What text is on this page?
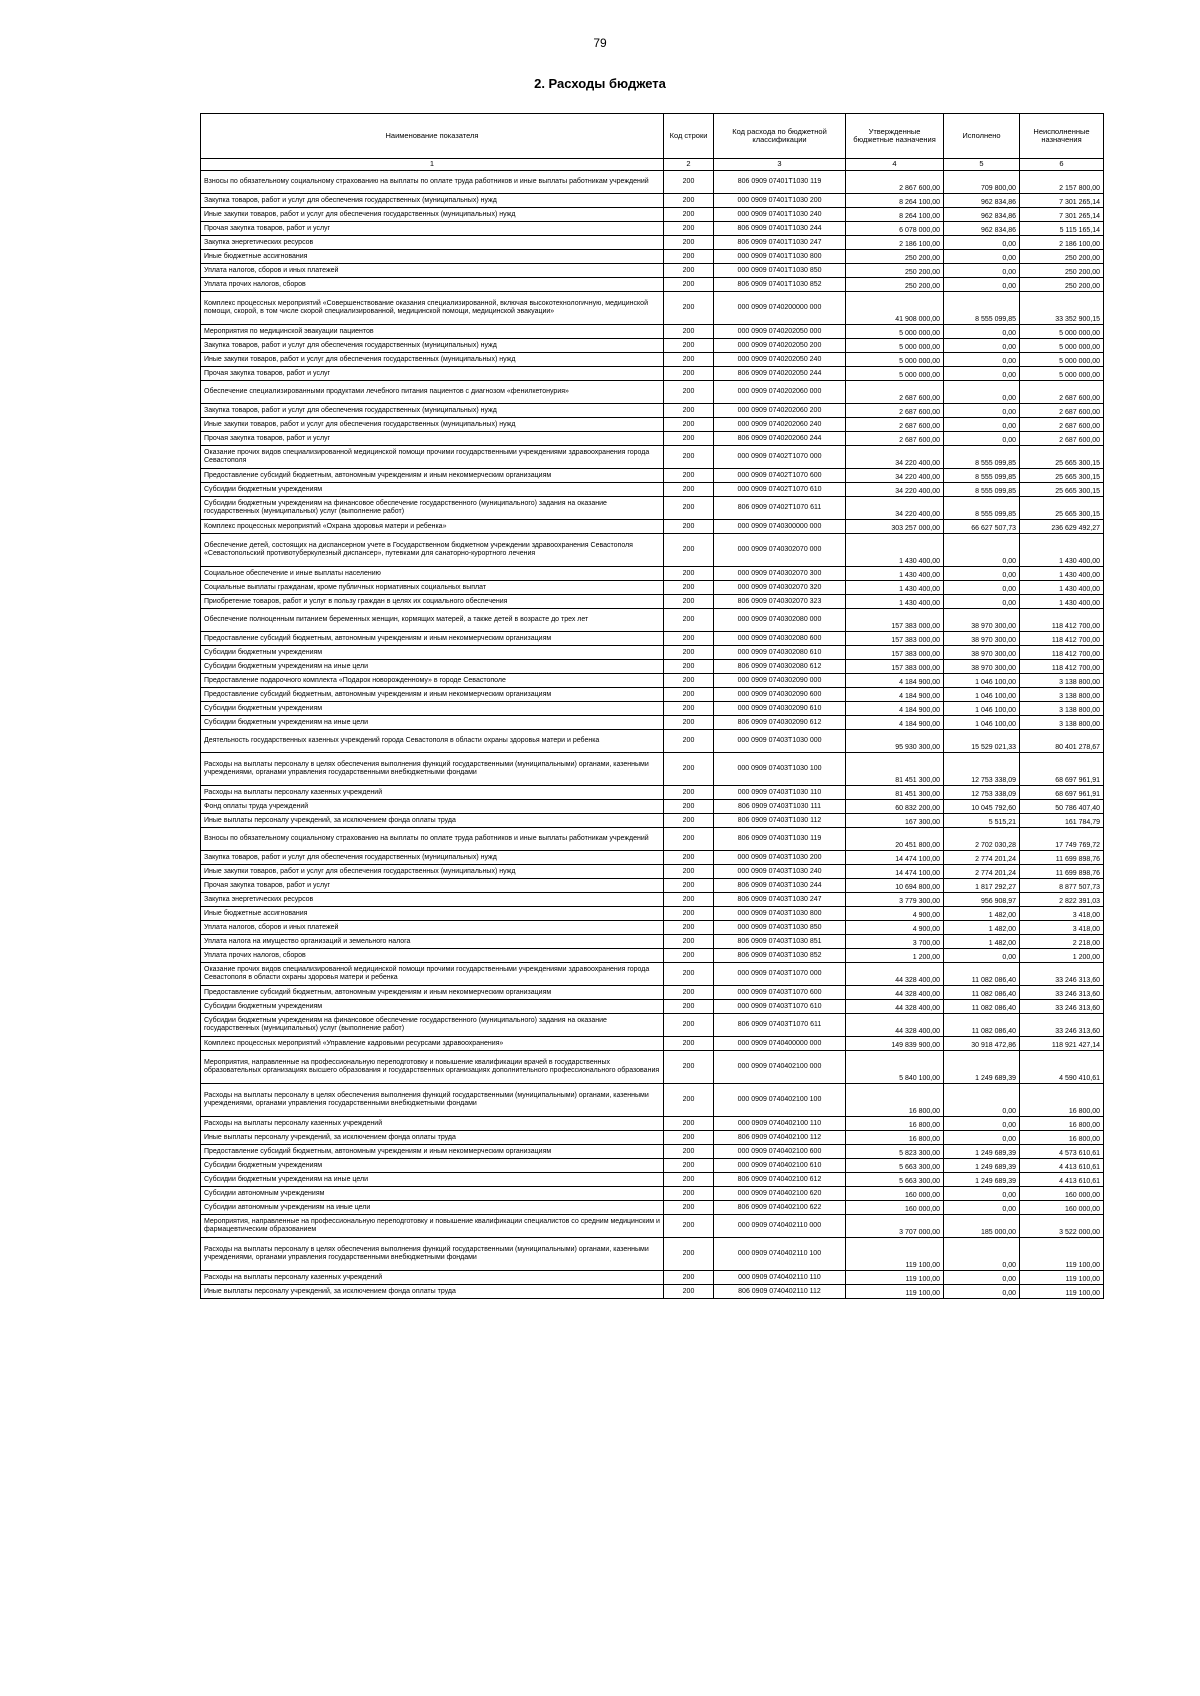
79
2. Расходы бюджета
Наименование показателя	Код строки	Код расхода по бюджетной классификации	Утвержденные бюджетные назначения	Исполнено	Неисполненные назначения
1	2	3	4	5	6
Взносы по обязательному социальному страхованию на выплаты по оплате труда работников и иные выплаты работникам учреждений	200	806 0909 07401Т1030 119	2 867 600,00	709 800,00	2 157 800,00
Закупка товаров, работ и услуг для обеспечения государственных (муниципальных) нужд	200	000 0909 07401Т1030 200	8 264 100,00	962 834,86	7 301 265,14
Иные закупки товаров, работ и услуг для обеспечения государственных (муниципальных) нужд	200	000 0909 07401Т1030 240	8 264 100,00	962 834,86	7 301 265,14
Прочая закупка товаров, работ и услуг	200	806 0909 07401Т1030 244	6 078 000,00	962 834,86	5 115 165,14
Закупка энергетических ресурсов	200	806 0909 07401Т1030 247	2 186 100,00	0,00	2 186 100,00
Иные бюджетные ассигнования	200	000 0909 07401Т1030 800	250 200,00	0,00	250 200,00
Уплата налогов, сборов и иных платежей	200	000 0909 07401Т1030 850	250 200,00	0,00	250 200,00
Уплата прочих налогов, сборов	200	806 0909 07401Т1030 852	250 200,00	0,00	250 200,00
Комплекс процессных мероприятий «Совершенствование оказания специализированной, включая высокотехнологичную, медицинской помощи, скорой, в том числе скорой специализированной, медицинской помощи, медицинской эвакуации»	200	000 0909 0740200000 000	41 908 000,00	8 555 099,85	33 352 900,15
Мероприятия по медицинской эвакуации пациентов	200	000 0909 0740202050 000	5 000 000,00	0,00	5 000 000,00
Закупка товаров, работ и услуг для обеспечения государственных (муниципальных) нужд	200	000 0909 0740202050 200	5 000 000,00	0,00	5 000 000,00
Иные закупки товаров, работ и услуг для обеспечения государственных (муниципальных) нужд	200	000 0909 0740202050 240	5 000 000,00	0,00	5 000 000,00
Прочая закупка товаров, работ и услуг	200	806 0909 0740202050 244	5 000 000,00	0,00	5 000 000,00
Обеспечение специализированными продуктами лечебного питания пациентов с диагнозом «фенилкетонурия»	200	000 0909 0740202060 000	2 687 600,00	0,00	2 687 600,00
Закупка товаров, работ и услуг для обеспечения государственных (муниципальных) нужд	200	000 0909 0740202060 200	2 687 600,00	0,00	2 687 600,00
Иные закупки товаров, работ и услуг для обеспечения государственных (муниципальных) нужд	200	000 0909 0740202060 240	2 687 600,00	0,00	2 687 600,00
Прочая закупка товаров, работ и услуг	200	806 0909 0740202060 244	2 687 600,00	0,00	2 687 600,00
Оказание прочих видов специализированной медицинской помощи прочими государственными учреждениями здравоохранения города Севастополя	200	000 0909 07402Т1070 000	34 220 400,00	8 555 099,85	25 665 300,15
Предоставление субсидий бюджетным, автономным учреждениям и иным некоммерческим организациям	200	000 0909 07402Т1070 600	34 220 400,00	8 555 099,85	25 665 300,15
Субсидии бюджетным учреждениям	200	000 0909 07402Т1070 610	34 220 400,00	8 555 099,85	25 665 300,15
Субсидии бюджетным учреждениям на финансовое обеспечение государственного (муниципального) задания на оказание государственных (муниципальных) услуг (выполнение работ)	200	806 0909 07402Т1070 611	34 220 400,00	8 555 099,85	25 665 300,15
Комплекс процессных мероприятий «Охрана здоровья матери и ребенка»	200	000 0909 0740300000 000	303 257 000,00	66 627 507,73	236 629 492,27
Обеспечение детей, состоящих на диспансерном учете в Государственном бюджетном учреждении здравоохранения Севастополя «Севастопольский противотуберкулезный диспансер», путевками для санаторно-курортного лечения	200	000 0909 0740302070 000	1 430 400,00	0,00	1 430 400,00
Социальное обеспечение и иные выплаты населению	200	000 0909 0740302070 300	1 430 400,00	0,00	1 430 400,00
Социальные выплаты гражданам, кроме публичных нормативных социальных выплат	200	000 0909 0740302070 320	1 430 400,00	0,00	1 430 400,00
Приобретение товаров, работ и услуг в пользу граждан в целях их социального обеспечения	200	806 0909 0740302070 323	1 430 400,00	0,00	1 430 400,00
Обеспечение полноценным питанием беременных женщин, кормящих матерей, а также детей в возрасте до трех лет	200	000 0909 0740302080 000	157 383 000,00	38 970 300,00	118 412 700,00
Предоставление субсидий бюджетным, автономным учреждениям и иным некоммерческим организациям	200	000 0909 0740302080 600	157 383 000,00	38 970 300,00	118 412 700,00
Субсидии бюджетным учреждениям	200	000 0909 0740302080 610	157 383 000,00	38 970 300,00	118 412 700,00
Субсидии бюджетным учреждениям на иные цели	200	806 0909 0740302080 612	157 383 000,00	38 970 300,00	118 412 700,00
Предоставление подарочного комплекта «Подарок новорожденному» в городе Севастополе	200	000 0909 0740302090 000	4 184 900,00	1 046 100,00	3 138 800,00
Предоставление субсидий бюджетным, автономным учреждениям и иным некоммерческим организациям	200	000 0909 0740302090 600	4 184 900,00	1 046 100,00	3 138 800,00
Субсидии бюджетным учреждениям	200	000 0909 0740302090 610	4 184 900,00	1 046 100,00	3 138 800,00
Субсидии бюджетным учреждениям на иные цели	200	806 0909 0740302090 612	4 184 900,00	1 046 100,00	3 138 800,00
Деятельность государственных казенных учреждений города Севастополя в области охраны здоровья матери и ребенка	200	000 0909 07403Т1030 000	95 930 300,00	15 529 021,33	80 401 278,67
Расходы на выплаты персоналу в целях обеспечения выполнения функций государственными (муниципальными) органами, казенными учреждениями, органами управления государственными внебюджетными фондами	200	000 0909 07403Т1030 100	81 451 300,00	12 753 338,09	68 697 961,91
Расходы на выплаты персоналу казенных учреждений	200	000 0909 07403Т1030 110	81 451 300,00	12 753 338,09	68 697 961,91
Фонд оплаты труда учреждений	200	806 0909 07403Т1030 111	60 832 200,00	10 045 792,60	50 786 407,40
Иные выплаты персоналу учреждений, за исключением фонда оплаты труда	200	806 0909 07403Т1030 112	167 300,00	5 515,21	161 784,79
Взносы по обязательному социальному страхованию на выплаты по оплате труда работников и иные выплаты работникам учреждений	200	806 0909 07403Т1030 119	20 451 800,00	2 702 030,28	17 749 769,72
Закупка товаров, работ и услуг для обеспечения государственных (муниципальных) нужд	200	000 0909 07403Т1030 200	14 474 100,00	2 774 201,24	11 699 898,76
Иные закупки товаров, работ и услуг для обеспечения государственных (муниципальных) нужд	200	000 0909 07403Т1030 240	14 474 100,00	2 774 201,24	11 699 898,76
Прочая закупка товаров, работ и услуг	200	806 0909 07403Т1030 244	10 694 800,00	1 817 292,27	8 877 507,73
Закупка энергетических ресурсов	200	806 0909 07403Т1030 247	3 779 300,00	956 908,97	2 822 391,03
Иные бюджетные ассигнования	200	000 0909 07403Т1030 800	4 900,00	1 482,00	3 418,00
Уплата налогов, сборов и иных платежей	200	000 0909 07403Т1030 850	4 900,00	1 482,00	3 418,00
Уплата налога на имущество организаций и земельного налога	200	806 0909 07403Т1030 851	3 700,00	1 482,00	2 218,00
Уплата прочих налогов, сборов	200	806 0909 07403Т1030 852	1 200,00	0,00	1 200,00
Оказание прочих видов специализированной медицинской помощи прочими государственными учреждениями здравоохранения города Севастополя в области охраны здоровья матери и ребенка	200	000 0909 07403Т1070 000	44 328 400,00	11 082 086,40	33 246 313,60
Предоставление субсидий бюджетным, автономным учреждениям и иным некоммерческим организациям	200	000 0909 07403Т1070 600	44 328 400,00	11 082 086,40	33 246 313,60
Субсидии бюджетным учреждениям	200	000 0909 07403Т1070 610	44 328 400,00	11 082 086,40	33 246 313,60
Субсидии бюджетным учреждениям на финансовое обеспечение государственного (муниципального) задания на оказание государственных (муниципальных) услуг (выполнение работ)	200	806 0909 07403Т1070 611	44 328 400,00	11 082 086,40	33 246 313,60
Комплекс процессных мероприятий «Управление кадровыми ресурсами здравоохранения»	200	000 0909 0740400000 000	149 839 900,00	30 918 472,86	118 921 427,14
Мероприятия, направленные на профессиональную переподготовку и повышение квалификации врачей в государственных образовательных организациях высшего образования и государственных организациях дополнительного профессионального образования	200	000 0909 0740402100 000	5 840 100,00	1 249 689,39	4 590 410,61
Расходы на выплаты персоналу в целях обеспечения выполнения функций государственными (муниципальными) органами, казенными учреждениями, органами управления государственными внебюджетными фондами	200	000 0909 0740402100 100	16 800,00	0,00	16 800,00
Расходы на выплаты персоналу казенных учреждений	200	000 0909 0740402100 110	16 800,00	0,00	16 800,00
Иные выплаты персоналу учреждений, за исключением фонда оплаты труда	200	806 0909 0740402100 112	16 800,00	0,00	16 800,00
Предоставление субсидий бюджетным, автономным учреждениям и иным некоммерческим организациям	200	000 0909 0740402100 600	5 823 300,00	1 249 689,39	4 573 610,61
Субсидии бюджетным учреждениям	200	000 0909 0740402100 610	5 663 300,00	1 249 689,39	4 413 610,61
Субсидии бюджетным учреждениям на иные цели	200	806 0909 0740402100 612	5 663 300,00	1 249 689,39	4 413 610,61
Субсидии автономным учреждениям	200	000 0909 0740402100 620	160 000,00	0,00	160 000,00
Субсидии автономным учреждениям на иные цели	200	806 0909 0740402100 622	160 000,00	0,00	160 000,00
Мероприятия, направленные на профессиональную переподготовку и повышение квалификации специалистов со средним медицинским и фармацевтическим образованием	200	000 0909 0740402110 000	3 707 000,00	185 000,00	3 522 000,00
Расходы на выплаты персоналу в целях обеспечения выполнения функций государственными (муниципальными) органами, казенными учреждениями, органами управления государственными внебюджетными фондами	200	000 0909 0740402110 100	119 100,00	0,00	119 100,00
Расходы на выплаты персоналу казенных учреждений	200	000 0909 0740402110 110	119 100,00	0,00	119 100,00
Иные выплаты персоналу учреждений, за исключением фонда оплаты труда	200	806 0909 0740402110 112	119 100,00	0,00	119 100,00
